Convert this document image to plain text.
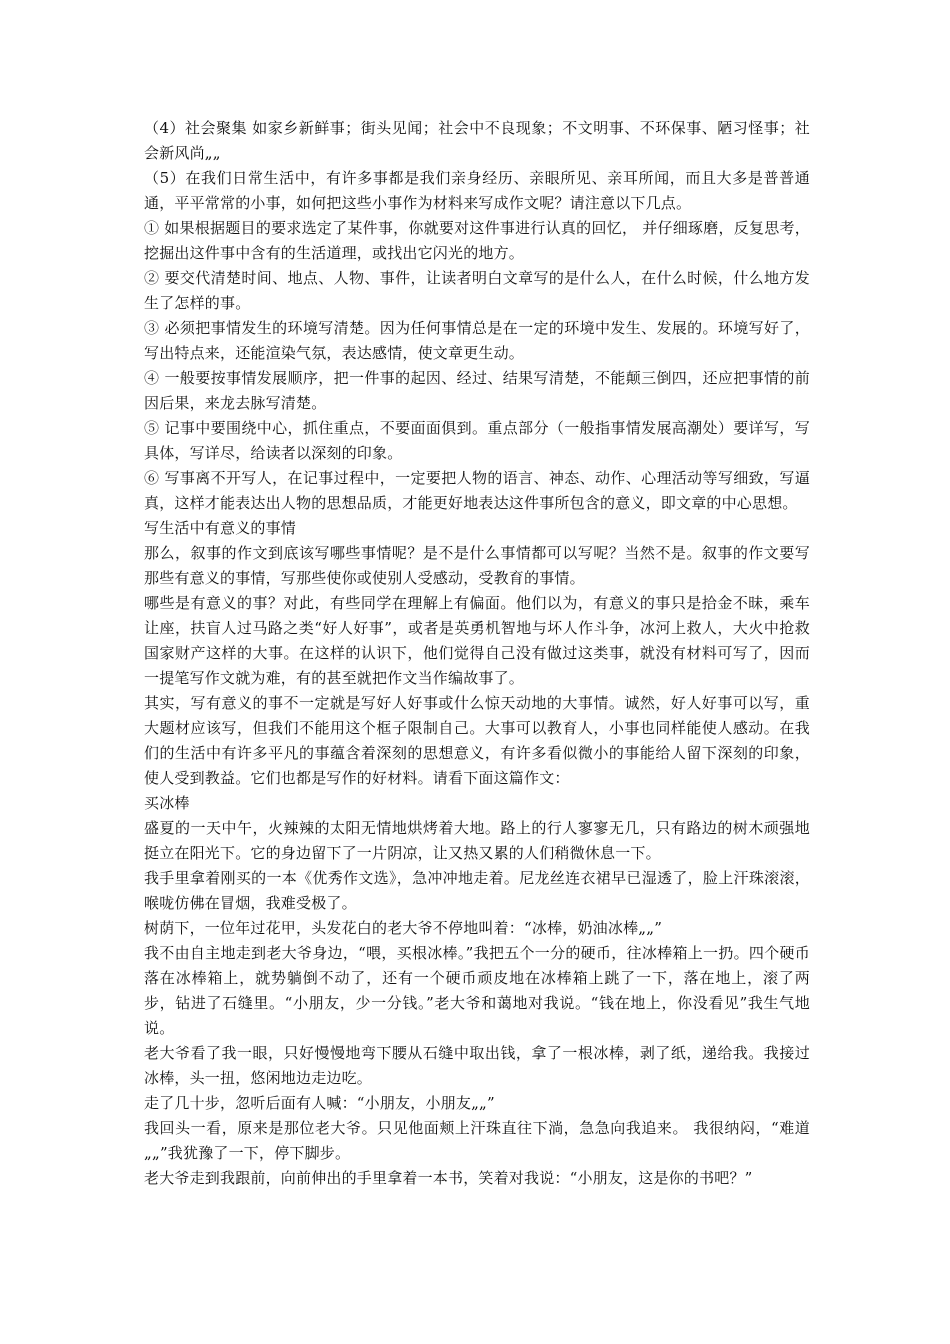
（4）社会聚集 如家乡新鲜事；街头见闻；社会中不良现象；不文明事、不环保事、陋习怪事；社会新风尚„„

（5）在我们日常生活中，有许多事都是我们亲身经历、亲眼所见、亲耳所闻，而且大多是普普通通，平平常常的小事，如何把这些小事作为材料来写成作文呢？请注意以下几点。

① 如果根据题目的要求选定了某件事，你就要对这件事进行认真的回忆， 并仔细琢磨，反复思考，挖掘出这件事中含有的生活道理，或找出它闪光的地方。

② 要交代清楚时间、地点、人物、事件，让读者明白文章写的是什么人，在什么时候，什么地方发生了怎样的事。

③ 必须把事情发生的环境写清楚。因为任何事情总是在一定的环境中发生、发展的。环境写好了，写出特点来，还能渲染气氛，表达感情，使文章更生动。

④ 一般要按事情发展顺序，把一件事的起因、经过、结果写清楚，不能颠三倒四，还应把事情的前因后果，来龙去脉写清楚。

⑤ 记事中要围绕中心，抓住重点，不要面面俱到。重点部分（一般指事情发展高潮处）要详写，写具体，写详尽，给读者以深刻的印象。

⑥ 写事离不开写人，在记事过程中，一定要把人物的语言、神态、动作、心理活动等写细致，写逼真，这样才能表达出人物的思想品质，才能更好地表达这件事所包含的意义，即文章的中心思想。

写生活中有意义的事情

那么，叙事的作文到底该写哪些事情呢？是不是什么事情都可以写呢？当然不是。叙事的作文要写那些有意义的事情，写那些使你或使别人受感动，受教育的事情。

哪些是有意义的事？对此，有些同学在理解上有偏面。他们以为，有意义的事只是拾金不昧，乘车让座，扶盲人过马路之类“好人好事”，或者是英勇机智地与坏人作斗争，冰河上救人，大火中抢救国家财产这样的大事。在这样的认识下，他们觉得自己没有做过这类事，就没有材料可写了，因而一提笔写作文就为难，有的甚至就把作文当作编故事了。

其实，写有意义的事不一定就是写好人好事或什么惊天动地的大事情。诚然，好人好事可以写，重大题材应该写，但我们不能用这个框子限制自己。大事可以教育人，小事也同样能使人感动。在我们的生活中有许多平凡的事蕴含着深刻的思想意义，有许多看似微小的事能给人留下深刻的印象，使人受到教益。它们也都是写作的好材料。请看下面这篇作文：

买冰棒

盛夏的一天中午，火辣辣的太阳无情地烘烤着大地。路上的行人寥寥无几，只有路边的树木顽强地挺立在阳光下。它的身边留下了一片阴凉，让又热又累的人们稍微休息一下。

我手里拿着刚买的一本《优秀作文选》，急冲冲地走着。尼龙丝连衣裙早已湿透了，脸上汗珠滚滚，喉咙仿佛在冒烟，我难受极了。

树荫下，一位年过花甲，头发花白的老大爷不停地叫着：“冰棒，奶油冰棒„„”

我不由自主地走到老大爷身边，“喂，买根冰棒。”我把五个一分的硬币，往冰棒箱上一扔。四个硬币落在冰棒箱上，就势躺倒不动了，还有一个硬币顽皮地在冰棒箱上跳了一下，落在地上，滚了两步，钻进了石缝里。“小朋友，少一分钱。”老大爷和蔼地对我说。“钱在地上，你没看见”我生气地说。

老大爷看了我一眼，只好慢慢地弯下腰从石缝中取出钱，拿了一根冰棒，剥了纸，递给我。我接过冰棒，头一扭，悠闲地边走边吃。

走了几十步，忽听后面有人喊：“小朋友，小朋友„„”

我回头一看，原来是那位老大爷。只见他面颊上汗珠直往下淌，急急向我追来。 我很纳闷，“难道„„”我犹豫了一下，停下脚步。

老大爷走到我跟前，向前伸出的手里拿着一本书，笑着对我说：“小朋友，这是你的书吧？”
